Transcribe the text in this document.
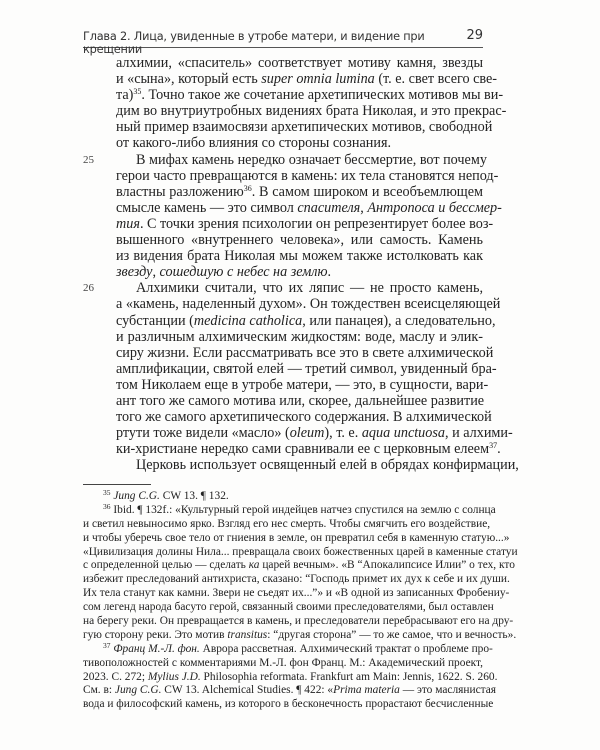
Глава 2. Лица, увиденные в утробе матери, и видение при крещении
29
алхимии, «спаситель» соответствует мотиву камня, звезды
и «сына», который есть super omnia lumina (т. е. свет всего све-
та)$^{35}$. Точно такое же сочетание архетипических мотивов мы ви-
дим во внутриутробных видениях брата Николая, и это прекрас-
ный пример взаимосвязи архетипических мотивов, свободной
от какого-либо влияния со стороны сознания.
25	В мифах камень нередко означает бессмертие, вот почему
герои часто превращаются в камень: их тела становятся непод-
властны разложению$^{36}$. В самом широком и всеобъемлющем
смысле камень — это символ спасителя, Антропоса и бессмер-
тия. С точки зрения психологии он репрезентирует более воз-
вышенного «внутреннего человека», или самость. Камень
из видения брата Николая мы можем также истолковать как
звезду, сошедшую с небес на землю.
26	Алхимики считали, что их ляпис — не просто камень,
а «камень, наделенный духом». Он тождествен всеисцеляющей
субстанции (medicina catholica, или панацея), а следовательно,
и различным алхимическим жидкостям: воде, маслу и элик-
сиру жизни. Если рассматривать все это в свете алхимической
амплификации, святой елей — третий символ, увиденный бра-
том Николаем еще в утробе матери, — это, в сущности, вари-
ант того же самого мотива или, скорее, дальнейшее развитие
того же самого архетипического содержания. В алхимической
ртути тоже видели «масло» (oleum), т. е. aqua unctuosa, и алхими-
ки-христиане нередко сами сравнивали ее с церковным елеем$^{37}$.
Церковь использует освященный елей в обрядах конфирмации,
$^{35}$ Jung C.G. CW 13. ¶ 132.
$^{36}$ Ibid. ¶ 132f.: «Культурный герой индейцев натчез спустился на землю с солнца
и светил невыносимо ярко. Взгляд его нес смерть. Чтобы смягчить его воздействие,
и чтобы уберечь свое тело от гниения в земле, он превратил себя в каменную статую...»
«Цивилизация долины Нила... превращала своих божественных царей в каменные статуи
с определенной целью — сделать ка царей вечным». «В “Апокалипсисе Илии” о тех, кто
избежит преследований антихриста, сказано: “Господь примет их дух к себе и их души.
Их тела станут как камни. Звери не съедят их...”» и «В одной из записанных Фробениу-
сом легенд народа басуто герой, связанный своими преследователями, был оставлен
на берегу реки. Он превращается в камень, и преследователи перебрасывают его на дру-
гую сторону реки. Это мотив transitus: “другая сторона” — то же самое, что и вечность».
$^{37}$ Франц М.-Л. фон. Аврора рассветная. Алхимический трактат о проблеме про-
тивоположностей с комментариями М.-Л. фон Франц. М.: Академический проект,
2023. С. 272; Mylius J.D. Philosophia reformata. Frankfurt am Main: Jennis, 1622. S. 260.
См. в: Jung C.G. CW 13. Alchemical Studies. ¶ 422: «Prima materia — это маслянистая
вода и философский камень, из которого в бесконечность прорастают бесчисленные
